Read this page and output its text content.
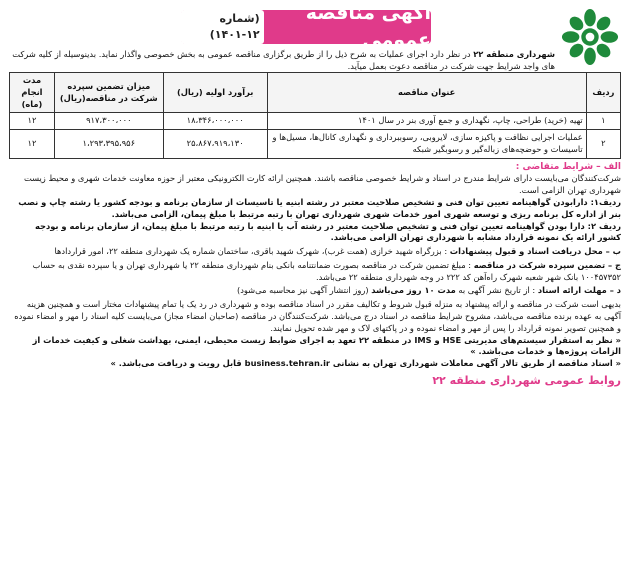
آگهی مناقصه عمومی
(شماره ۱۲-۱۴۰۱)
شهرداری منطقه ۲۲ در نظر دارد اجرای عملیات به شرح ذیل را از طریق برگزاری مناقصه عمومی به بخش خصوصی واگذار نماید. بدینوسیله از کلیه شرکت های واجد شرایط جهت شرکت در مناقصه دعوت بعمل میآید.
ردیف	عنوان مناقصه	برآورد اولیه (ریال)	میزان تضمین سپرده شرکت در مناقصه(ریال)	مدت انجام (ماه)
۱	تهیه (خرید) طراحی، چاپ، نگهداری و جمع آوری بنر در سال ۱۴۰۱	۱۸،۳۴۶،۰۰۰،۰۰۰	۹۱۷،۳۰۰،۰۰۰	۱۲
۲	عملیات اجرایی نظافت و پاکیزه سازی، لایروبی، رسوببرداری و نگهداری کانال‌ها، مسیل‌ها و تاسیسات و حوضچه‌های زباله‌گیر و رسوبگیر شبکه	۲۵،۸۶۷،۹۱۹،۱۳۰	۱،۲۹۳،۳۹۵،۹۵۶	۱۲
الف – شرایط متقاضی :
شرکت‌کنندگان می‌بایست دارای شرایط مندرج در اسناد و شرایط خصوصی مناقصه باشند. همچنین ارائه کارت الکترونیکی معتبر از حوزه معاونت خدمات شهری و محیط زیست شهرداری تهران الزامی است.
ردیف۱: دارابودن گواهینامه تعیین توان فنی و تشخیص صلاحیت معتبر در رشته ابنیه یا تاسیسات از سازمان برنامه و بودجه کشور یا رشته چاپ و نصب بنر از اداره کل برنامه ریزی و توسعه شهری امور خدمات شهری شهرداری تهران با رتبه مرتبط با مبلغ پیمان، الزامی می‌باشد.
ردیف ۲: دارا بودن گواهینامه تعیین توان فنی و تشخیص صلاحیت معتبر در رشته آب یا ابنیه با رتبه مرتبط با مبلغ پیمان، از سازمان برنامه و بودجه کشور ارائه یک نمونه قرارداد مشابه با شهرداری تهران الزامی می‌باشد.
ب – محل دریافت اسناد و قبول پیشنهادات : بزرگراه شهید خرازی (همت غرب)، شهرک شهید باقری، ساختمان شماره یک شهرداری منطقه ۲۲، امور قراردادها
ج – تضمین سپرده شرکت در مناقصه : مبلغ تضمین شرکت در مناقصه بصورت ضمانتنامه بانکی بنام شهرداری منطقه ۲۲ یا شهرداری تهران و یا سپرده نقدی به حساب ۱۰۰۴۵۷۳۵۲ بانک شهر شعبه شهرک راه‌آهن کد ۲۲۲ در وجه شهرداری منطقه ۲۲ می‌باشد.
د – مهلت ارائه اسناد : از تاریخ نشر آگهی به مدت ۱۰ روز می‌باشد (روز انتشار آگهی نیز محاسبه می‌شود)
بدیهی است شرکت در مناقصه و ارائه پیشنهاد به منزله قبول شروط و تکالیف مقرر در اسناد مناقصه بوده و شهرداری در رد یک یا تمام پیشنهادات مختار است و همچنین هزینه آگهی به عهده برنده مناقصه می‌باشد، مشروح شرایط مناقصه در اسناد درج می‌باشد. شرکت‌کنندگان در مناقصه (صاحبان امضاء مجاز) می‌بایست کلیه اسناد را مهر و امضاء نموده و همچنین تصویر نمونه قرارداد را پس از مهر و امضاء نموده و در پاکتهای لاک و مهر شده تحویل نمایند.
« نظر به استقرار سیستم‌های مدیریتی IMS و HSE در منطقه ۲۲ تعهد به اجرای ضوابط زیست محیطی، ایمنی، بهداشت شغلی و کیفیت خدمات از الزامات پروژه‌ها و خدمات می‌باشد. »
« اسناد مناقصه از طریق تالار آگهی معاملات شهرداری تهران به نشانی business.tehran.ir قابل رویت و دریافت می‌باشد. »
روابط عمومی شهرداری منطقه ۲۲
